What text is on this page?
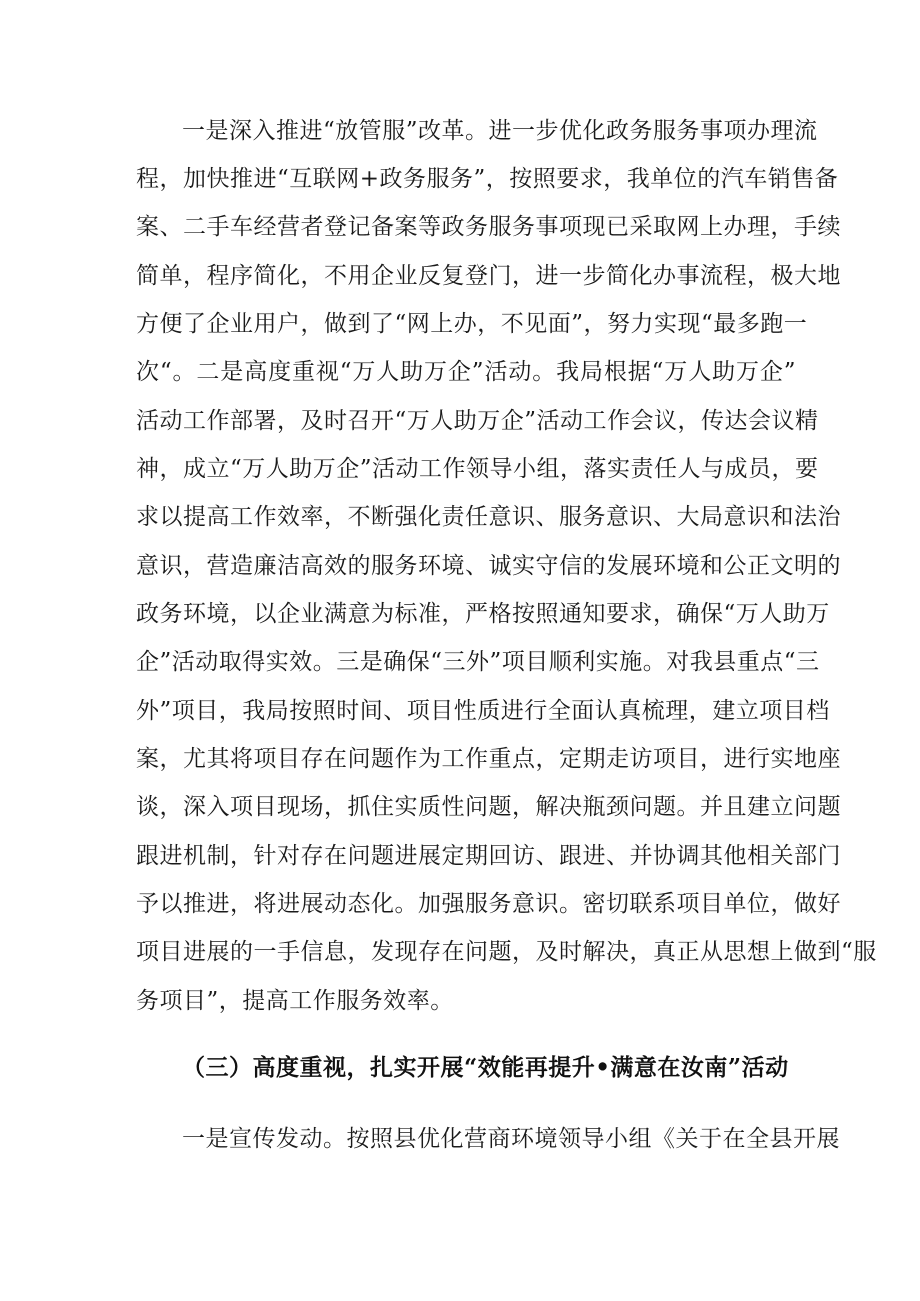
一是深入推进“放管服”改革。进一步优化政务服务事项办理流
程，加快推进“互联网+政务服务”，按照要求，我单位的汽车销售备
案、二手车经营者登记备案等政务服务事项现已采取网上办理，手续
简单，程序简化，不用企业反复登门，进一步简化办事流程，极大地
方便了企业用户，做到了“网上办，不见面”，努力实现“最多跑一
次“。二是高度重视“万人助万企”活动。我局根据“万人助万企”
活动工作部署，及时召开“万人助万企”活动工作会议，传达会议精
神，成立“万人助万企”活动工作领导小组，落实责任人与成员，要
求以提高工作效率，不断强化责任意识、服务意识、大局意识和法治
意识，营造廉洁高效的服务环境、诚实守信的发展环境和公正文明的
政务环境，以企业满意为标准，严格按照通知要求，确保“万人助万
企”活动取得实效。三是确保“三外”项目顺利实施。对我县重点“三
外”项目，我局按照时间、项目性质进行全面认真梳理，建立项目档
案，尤其将项目存在问题作为工作重点，定期走访项目，进行实地座
谈，深入项目现场，抓住实质性问题，解决瓶颈问题。并且建立问题
跟进机制，针对存在问题进展定期回访、跟进、并协调其他相关部门
予以推进，将进展动态化。加强服务意识。密切联系项目单位，做好
项目进展的一手信息，发现存在问题，及时解决，真正从思想上做到“服
务项目”，提高工作服务效率。
（三）高度重视，扎实开展“效能再提升•满意在汝南”活动
一是宣传发动。按照县优化营商环境领导小组《关于在全县开展
